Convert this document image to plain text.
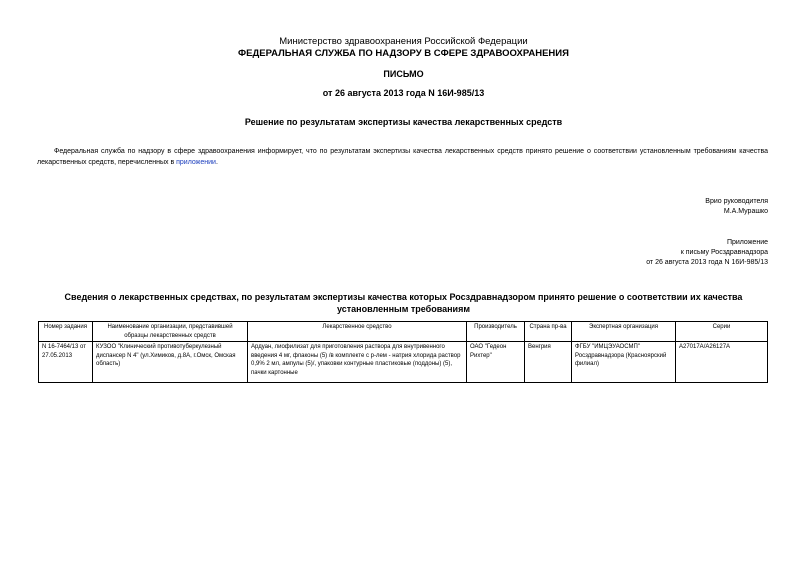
Министерство здравоохранения Российской Федерации
ФЕДЕРАЛЬНАЯ СЛУЖБА ПО НАДЗОРУ В СФЕРЕ ЗДРАВООХРАНЕНИЯ
ПИСЬМО
от 26 августа 2013 года N 16И-985/13
Решение по результатам экспертизы качества лекарственных средств

Федеральная служба по надзору в сфере здравоохранения информирует, что по результатам экспертизы качества лекарственных средств принято решение о соответствии установленным требованиям качества лекарственных средств, перечисленных в приложении.

Врио руководителя
М.А.Мурашко
Приложение
к письму Росздравнадзора
от 26 августа 2013 года N 16И-985/13
Сведения о лекарственных средствах, по результатам экспертизы качества которых Росздравнадзором принято решение о соответствии их качества установленным требованиям
Номер задания	Наименование организации, представившей образцы лекарственных средств	Лекарственное средство	Производитель	Страна пр-ва	Экспертная организация	Серии
N 16-7464/13 от 27.05.2013	КУЗОО "Клинический противотуберкулезный диспансер N 4" (ул.Химиков, д.8А, г.Омск, Омская область)	Ардуан, лиофилизат для приготовления раствора для внутривенного введения 4 мг, флаконы (5) /в комплекте с р-лем - натрия хлорида раствор 0,9% 2 мл, ампулы (5)/, упаковки контурные пластиковые (поддоны) (5), пачки картонные	ОАО "Гедеон Рихтер"	Венгрия	ФГБУ "ИМЦЭУАОСМП" Росздравнадзора (Красноярский филиал)	A27017A/A26127A
